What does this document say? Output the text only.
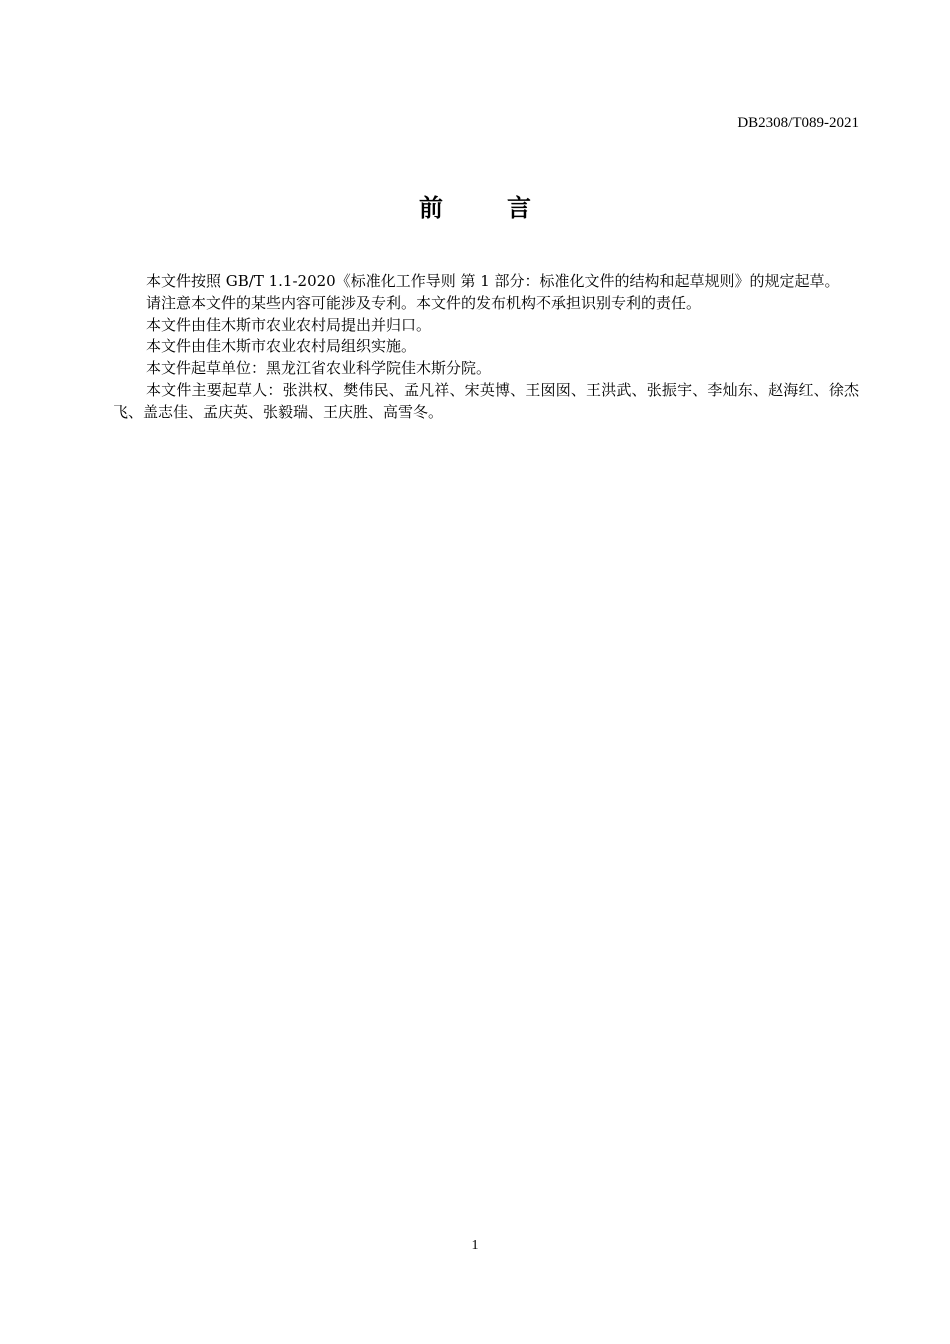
DB2308/T089-2021
前言

本文件按照 GB/T 1.1-2020《标准化工作导则 第 1 部分：标准化文件的结构和起草规则》的规定起草。

请注意本文件的某些内容可能涉及专利。本文件的发布机构不承担识别专利的责任。

本文件由佳木斯市农业农村局提出并归口。

本文件由佳木斯市农业农村局组织实施。

本文件起草单位：黑龙江省农业科学院佳木斯分院。

本文件主要起草人：张洪权、樊伟民、孟凡祥、宋英博、王囡囡、王洪武、张振宇、李灿东、赵海红、徐杰飞、盖志佳、孟庆英、张毅瑞、王庆胜、高雪冬。

1
